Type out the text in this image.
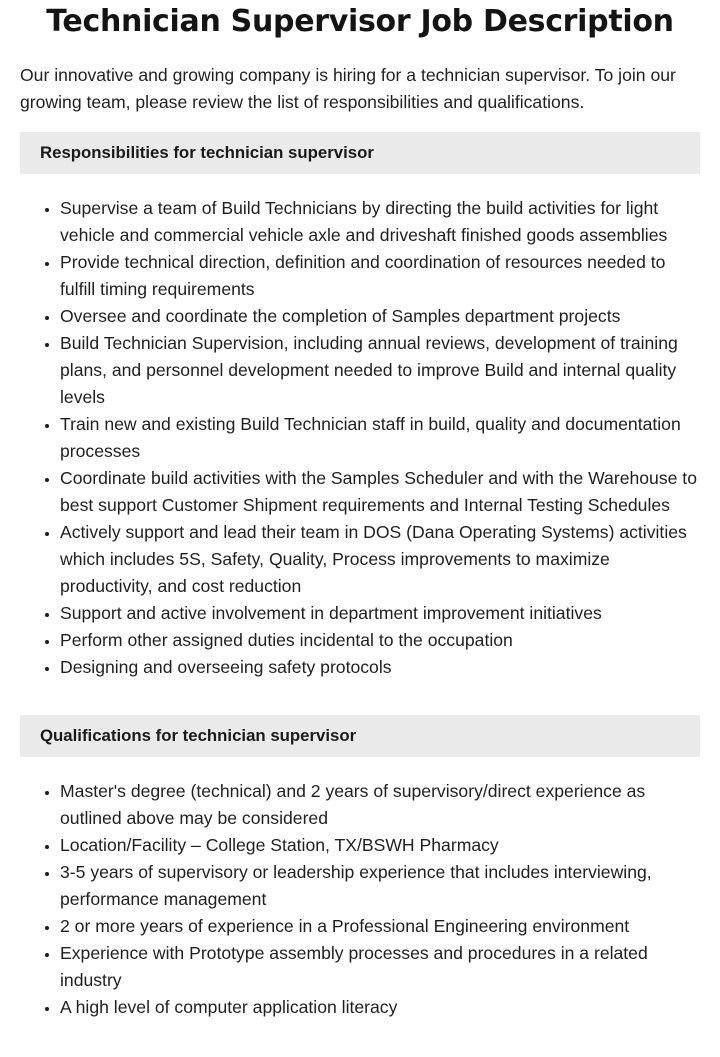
Technician Supervisor Job Description

Our innovative and growing company is hiring for a technician supervisor. To join our growing team, please review the list of responsibilities and qualifications.

Responsibilities for technician supervisor
• Supervise a team of Build Technicians by directing the build activities for light vehicle and commercial vehicle axle and driveshaft finished goods assemblies
• Provide technical direction, definition and coordination of resources needed to fulfill timing requirements
• Oversee and coordinate the completion of Samples department projects
• Build Technician Supervision, including annual reviews, development of training plans, and personnel development needed to improve Build and internal quality levels
• Train new and existing Build Technician staff in build, quality and documentation processes
• Coordinate build activities with the Samples Scheduler and with the Warehouse to best support Customer Shipment requirements and Internal Testing Schedules
• Actively support and lead their team in DOS (Dana Operating Systems) activities which includes 5S, Safety, Quality, Process improvements to maximize productivity, and cost reduction
• Support and active involvement in department improvement initiatives
• Perform other assigned duties incidental to the occupation
• Designing and overseeing safety protocols
Qualifications for technician supervisor
• Master's degree (technical) and 2 years of supervisory/direct experience as outlined above may be considered
• Location/Facility – College Station, TX/BSWH Pharmacy
• 3-5 years of supervisory or leadership experience that includes interviewing, performance management
• 2 or more years of experience in a Professional Engineering environment
• Experience with Prototype assembly processes and procedures in a related industry
• A high level of computer application literacy
